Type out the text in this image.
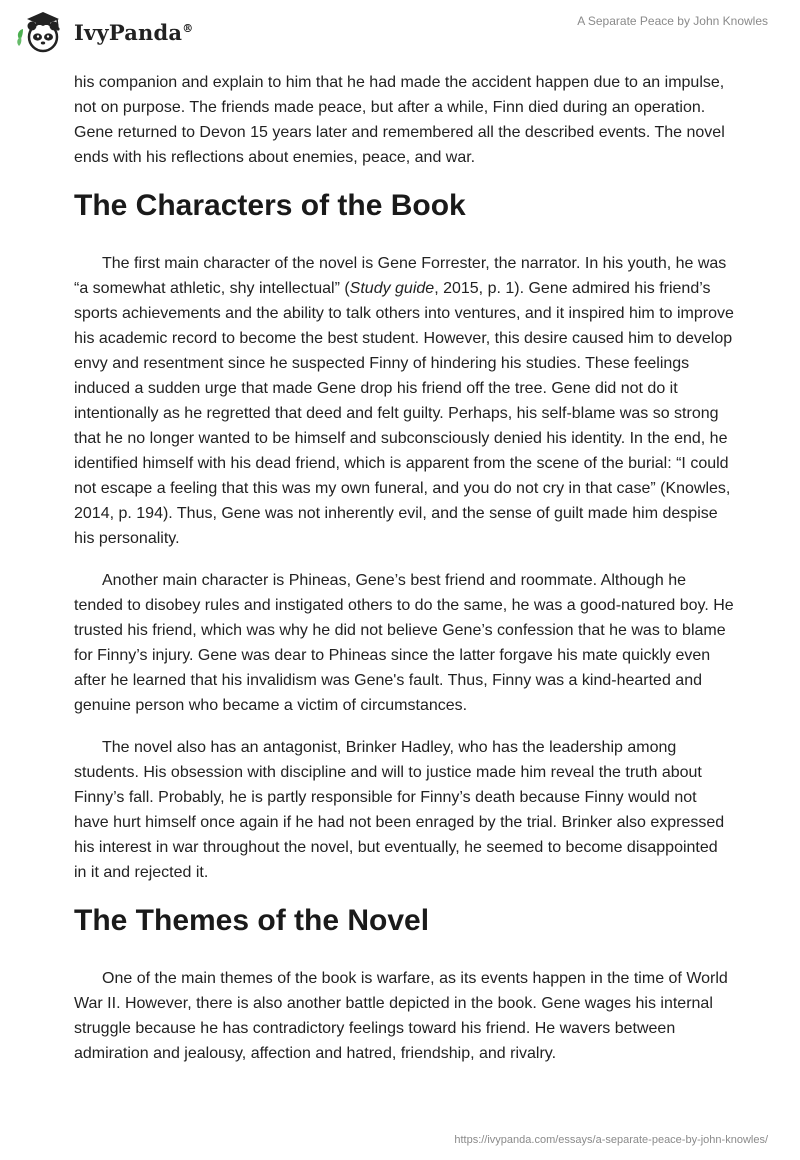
IvyPanda®	A Separate Peace by John Knowles

his companion and explain to him that he had made the accident happen due to an impulse, not on purpose. The friends made peace, but after a while, Finn died during an operation. Gene returned to Devon 15 years later and remembered all the described events. The novel ends with his reflections about enemies, peace, and war.

The Characters of the Book

The first main character of the novel is Gene Forrester, the narrator. In his youth, he was “a somewhat athletic, shy intellectual” (Study guide, 2015, p. 1). Gene admired his friend’s sports achievements and the ability to talk others into ventures, and it inspired him to improve his academic record to become the best student. However, this desire caused him to develop envy and resentment since he suspected Finny of hindering his studies. These feelings induced a sudden urge that made Gene drop his friend off the tree. Gene did not do it intentionally as he regretted that deed and felt guilty. Perhaps, his self-blame was so strong that he no longer wanted to be himself and subconsciously denied his identity. In the end, he identified himself with his dead friend, which is apparent from the scene of the burial: “I could not escape a feeling that this was my own funeral, and you do not cry in that case” (Knowles, 2014, p. 194). Thus, Gene was not inherently evil, and the sense of guilt made him despise his personality.

Another main character is Phineas, Gene’s best friend and roommate. Although he tended to disobey rules and instigated others to do the same, he was a good-natured boy. He trusted his friend, which was why he did not believe Gene’s confession that he was to blame for Finny’s injury. Gene was dear to Phineas since the latter forgave his mate quickly even after he learned that his invalidism was Gene's fault. Thus, Finny was a kind-hearted and genuine person who became a victim of circumstances.

The novel also has an antagonist, Brinker Hadley, who has the leadership among students. His obsession with discipline and will to justice made him reveal the truth about Finny’s fall. Probably, he is partly responsible for Finny’s death because Finny would not have hurt himself once again if he had not been enraged by the trial. Brinker also expressed his interest in war throughout the novel, but eventually, he seemed to become disappointed in it and rejected it.

The Themes of the Novel

One of the main themes of the book is warfare, as its events happen in the time of World War II. However, there is also another battle depicted in the book. Gene wages his internal struggle because he has contradictory feelings toward his friend. He wavers between admiration and jealousy, affection and hatred, friendship, and rivalry.

https://ivypanda.com/essays/a-separate-peace-by-john-knowles/
